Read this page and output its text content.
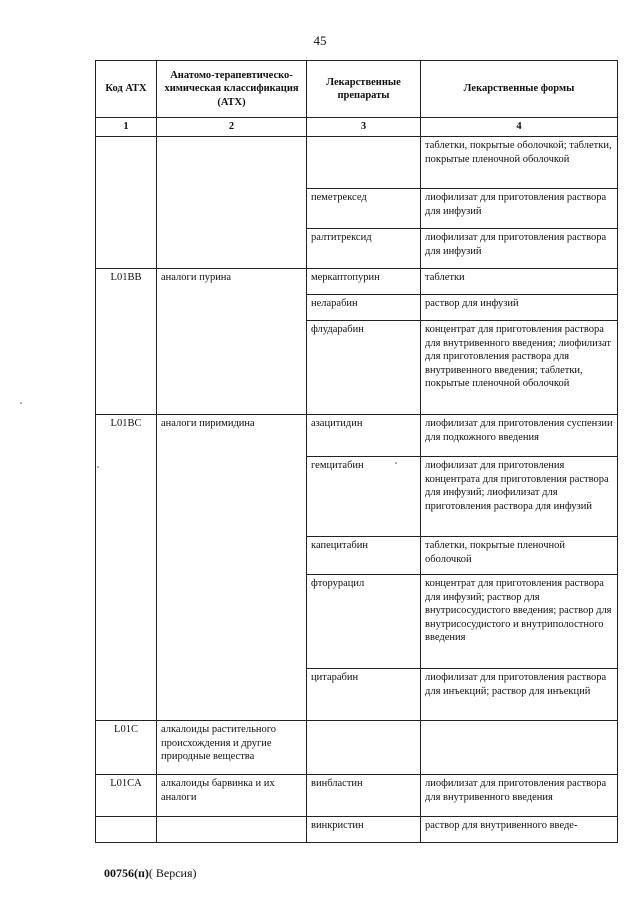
45
Код АТХ	Анатомо-терапевтическо-химическая классификация (АТХ)	Лекарственные препараты	Лекарственные формы
1	2	3	4
			таблетки, покрытые оболочкой; таблетки, покрытые пленочной оболочкой
		пеметрексед	лиофилизат для приготовления раствора для инфузий
		ралтитрексид	лиофилизат для приготовления раствора для инфузий
L01BB	аналоги пурина	меркаптопурин	таблетки
		неларабин	раствор для инфузий
		флударабин	концентрат для приготовления раствора для внутривенного введения; лиофилизат для приготовления раствора для внутривенного введения; таблетки, покрытые пленочной оболочкой
L01BC	аналоги пиримидина	азацитидин	лиофилизат для приготовления суспензии для подкожного введения
		гемцитабин	лиофилизат для приготовления концентрата для приготовления раствора для инфузий; лиофилизат для приготовления раствора для инфузий
		капецитабин	таблетки, покрытые пленочной оболочкой
		фторурацил	концентрат для приготовления раствора для инфузий; раствор для внутрисосудистого введения; раствор для внутрисосудистого и внутриполостного введения
		цитарабин	лиофилизат для приготовления раствора для инъекций; раствор для инъекций
L01C	алкалоиды растительного происхождения и другие природные вещества		
L01CA	алкалоиды барвинка и их аналоги	винбластин	лиофилизат для приготовления раствора для внутривенного введения
		винкристин	раствор для внутривенного введе-
00756(п)( Версия)
